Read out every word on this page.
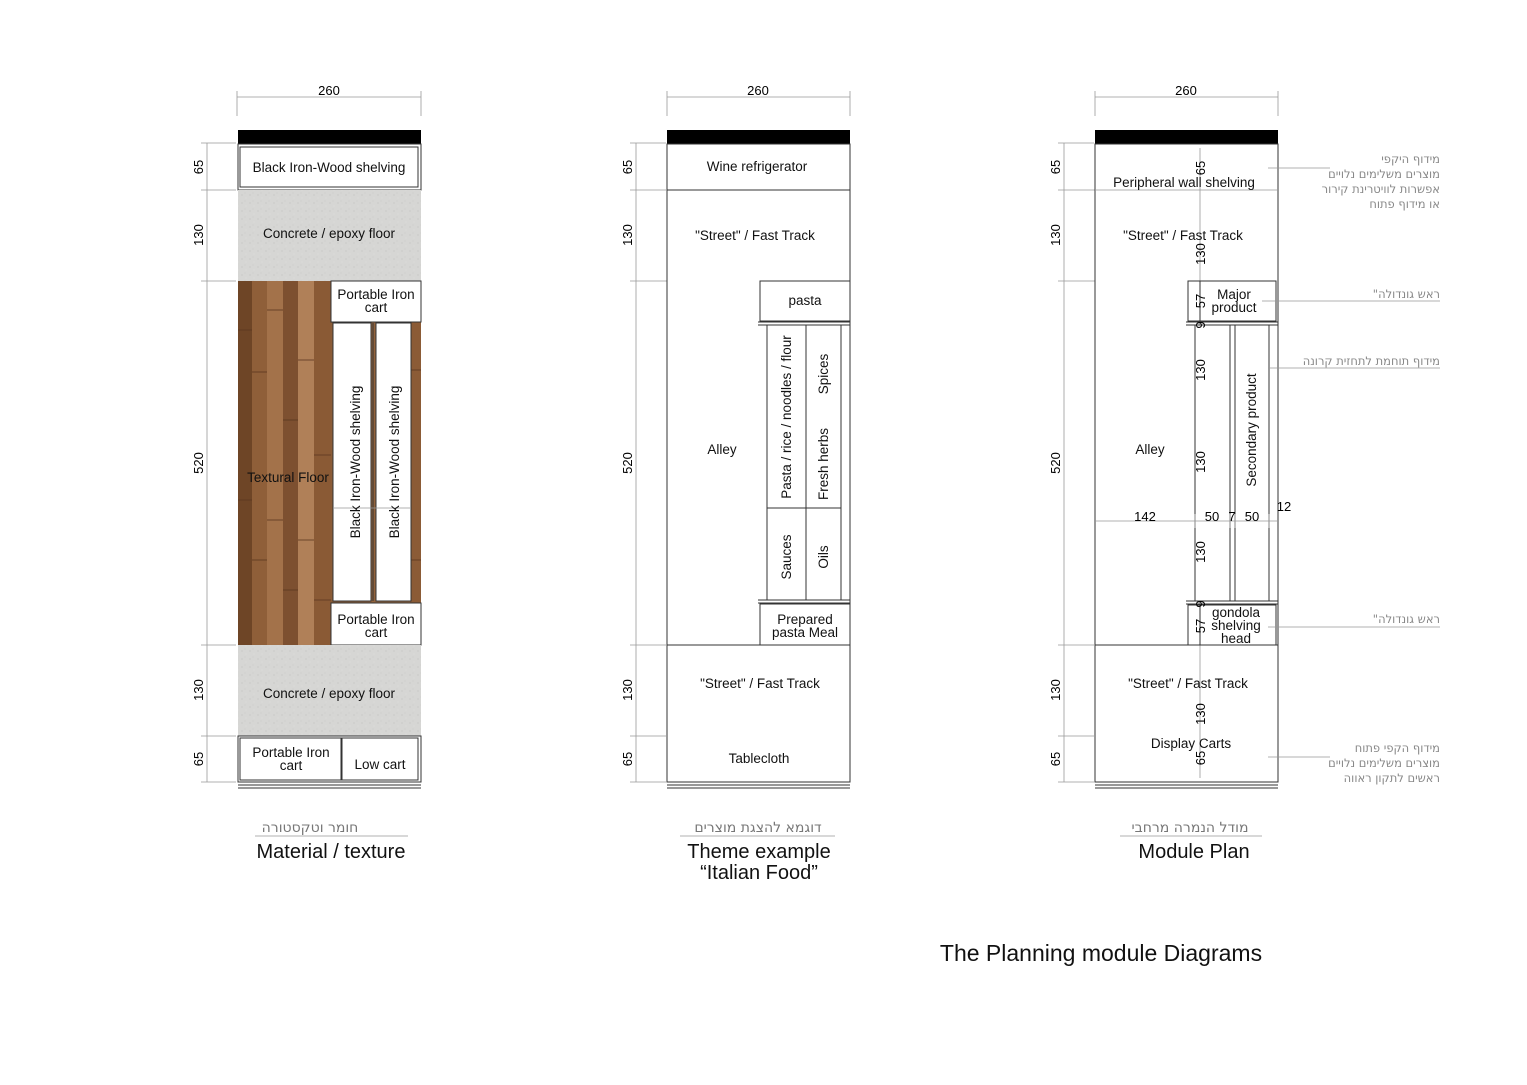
260
65
130
520
130
65
Black Iron-Wood shelving
Concrete / epoxy floor
Textural Floor
Portable Iron
cart
Black Iron-Wood shelving Black Iron-Wood shelving
Portable Iron
cart
Concrete / epoxy floor
Portable Iron
cart	Low cart
חומר וטקסטורה
Material / texture
260
65
130
520
130
65
Wine refrigerator
"Street" / Fast Track
pasta
Pasta / rice / noodles / flour Spices
Fresh herbs
Sauces Oils
Alley
Prepared
pasta Meal
"Street" / Fast Track
Tablecloth
דוגמא להצגת מוצרים
Theme example
“Italian Food”
260
65
130
520
130
65
Peripheral wall shelving
"Street" / Fast Track
Major
product
Secondary product
Alley
gondola
shelving
head
"Street" / Fast Track
Display Carts
65
130
57
9
130
130
130
9
57
130
65
142	50 7 50
12
מידוף היקפי
מוצרים משלימים נלויים
אפשרות לוויטרינת קירור
או מידוף פתוח
"ראש גונדולה
מידוף תוחמת לתחזית קרונה
"ראש גונדולה
מידוף הקפי פתוח
מוצרים משלימים נלויים
ראשים לתקון ראווה
מודל הנמרה מרחבי
Module Plan
The Planning module Diagrams
